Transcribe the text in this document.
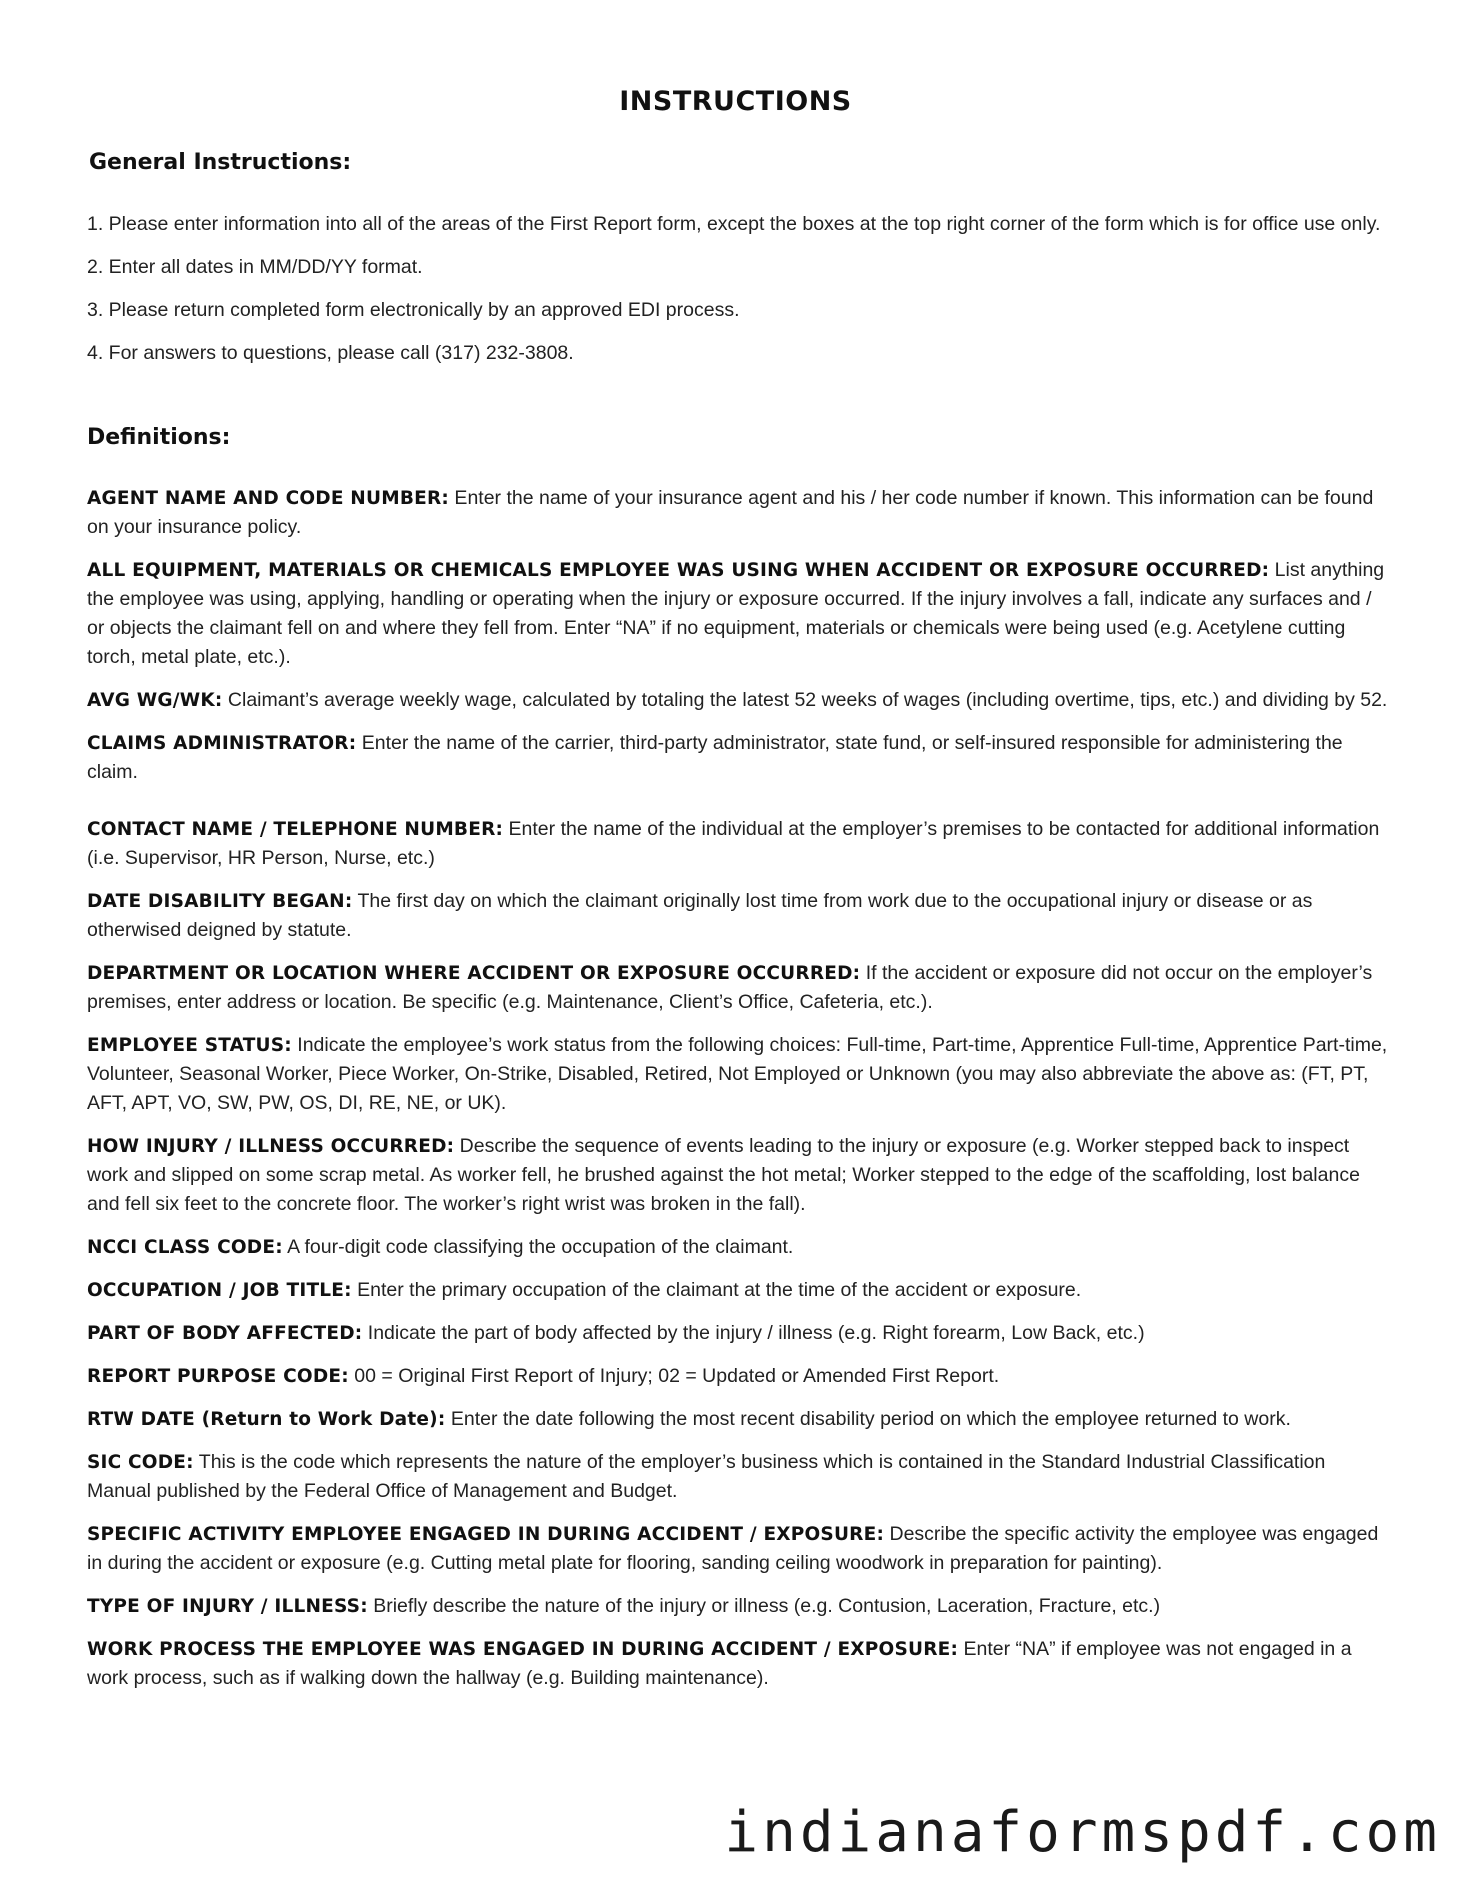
INSTRUCTIONS
General Instructions:
1. Please enter information into all of the areas of the First Report form, except the boxes at the top right corner of the form which is for office use only.
2. Enter all dates in MM/DD/YY format.
3. Please return completed form electronically by an approved EDI process.
4. For answers to questions, please call (317) 232-3808.
Definitions:

AGENT NAME AND CODE NUMBER: Enter the name of your insurance agent and his / her code number if known. This information can be found on your insurance policy.

ALL EQUIPMENT, MATERIALS OR CHEMICALS EMPLOYEE WAS USING WHEN ACCIDENT OR EXPOSURE OCCURRED: List anything the employee was using, applying, handling or operating when the injury or exposure occurred. If the injury involves a fall, indicate any surfaces and / or objects the claimant fell on and where they fell from. Enter “NA” if no equipment, materials or chemicals were being used (e.g. Acetylene cutting torch, metal plate, etc.).

AVG WG/WK: Claimant’s average weekly wage, calculated by totaling the latest 52 weeks of wages (including overtime, tips, etc.) and dividing by 52.

CLAIMS ADMINISTRATOR: Enter the name of the carrier, third-party administrator, state fund, or self-insured responsible for administering the claim.

CONTACT NAME / TELEPHONE NUMBER: Enter the name of the individual at the employer’s premises to be contacted for additional information (i.e. Supervisor, HR Person, Nurse, etc.)

DATE DISABILITY BEGAN: The first day on which the claimant originally lost time from work due to the occupational injury or disease or as otherwised deigned by statute.

DEPARTMENT OR LOCATION WHERE ACCIDENT OR EXPOSURE OCCURRED: If the accident or exposure did not occur on the employer’s premises, enter address or location. Be specific (e.g. Maintenance, Client’s Office, Cafeteria, etc.).

EMPLOYEE STATUS: Indicate the employee’s work status from the following choices: Full-time, Part-time, Apprentice Full-time, Apprentice Part-time, Volunteer, Seasonal Worker, Piece Worker, On-Strike, Disabled, Retired, Not Employed or Unknown (you may also abbreviate the above as: (FT, PT, AFT, APT, VO, SW, PW, OS, DI, RE, NE, or UK).

HOW INJURY / ILLNESS OCCURRED: Describe the sequence of events leading to the injury or exposure (e.g. Worker stepped back to inspect work and slipped on some scrap metal. As worker fell, he brushed against the hot metal; Worker stepped to the edge of the scaffolding, lost balance and fell six feet to the concrete floor. The worker’s right wrist was broken in the fall).

NCCI CLASS CODE: A four-digit code classifying the occupation of the claimant.

OCCUPATION / JOB TITLE: Enter the primary occupation of the claimant at the time of the accident or exposure.

PART OF BODY AFFECTED: Indicate the part of body affected by the injury / illness (e.g. Right forearm, Low Back, etc.)

REPORT PURPOSE CODE: 00 = Original First Report of Injury; 02 = Updated or Amended First Report.

RTW DATE (Return to Work Date): Enter the date following the most recent disability period on which the employee returned to work.

SIC CODE: This is the code which represents the nature of the employer’s business which is contained in the Standard Industrial Classification Manual published by the Federal Office of Management and Budget.

SPECIFIC ACTIVITY EMPLOYEE ENGAGED IN DURING ACCIDENT / EXPOSURE: Describe the specific activity the employee was engaged in during the accident or exposure (e.g. Cutting metal plate for flooring, sanding ceiling woodwork in preparation for painting).

TYPE OF INJURY / ILLNESS: Briefly describe the nature of the injury or illness (e.g. Contusion, Laceration, Fracture, etc.)

WORK PROCESS THE EMPLOYEE WAS ENGAGED IN DURING ACCIDENT / EXPOSURE: Enter “NA” if employee was not engaged in a work process, such as if walking down the hallway (e.g. Building maintenance).

indianaformspdf.com
